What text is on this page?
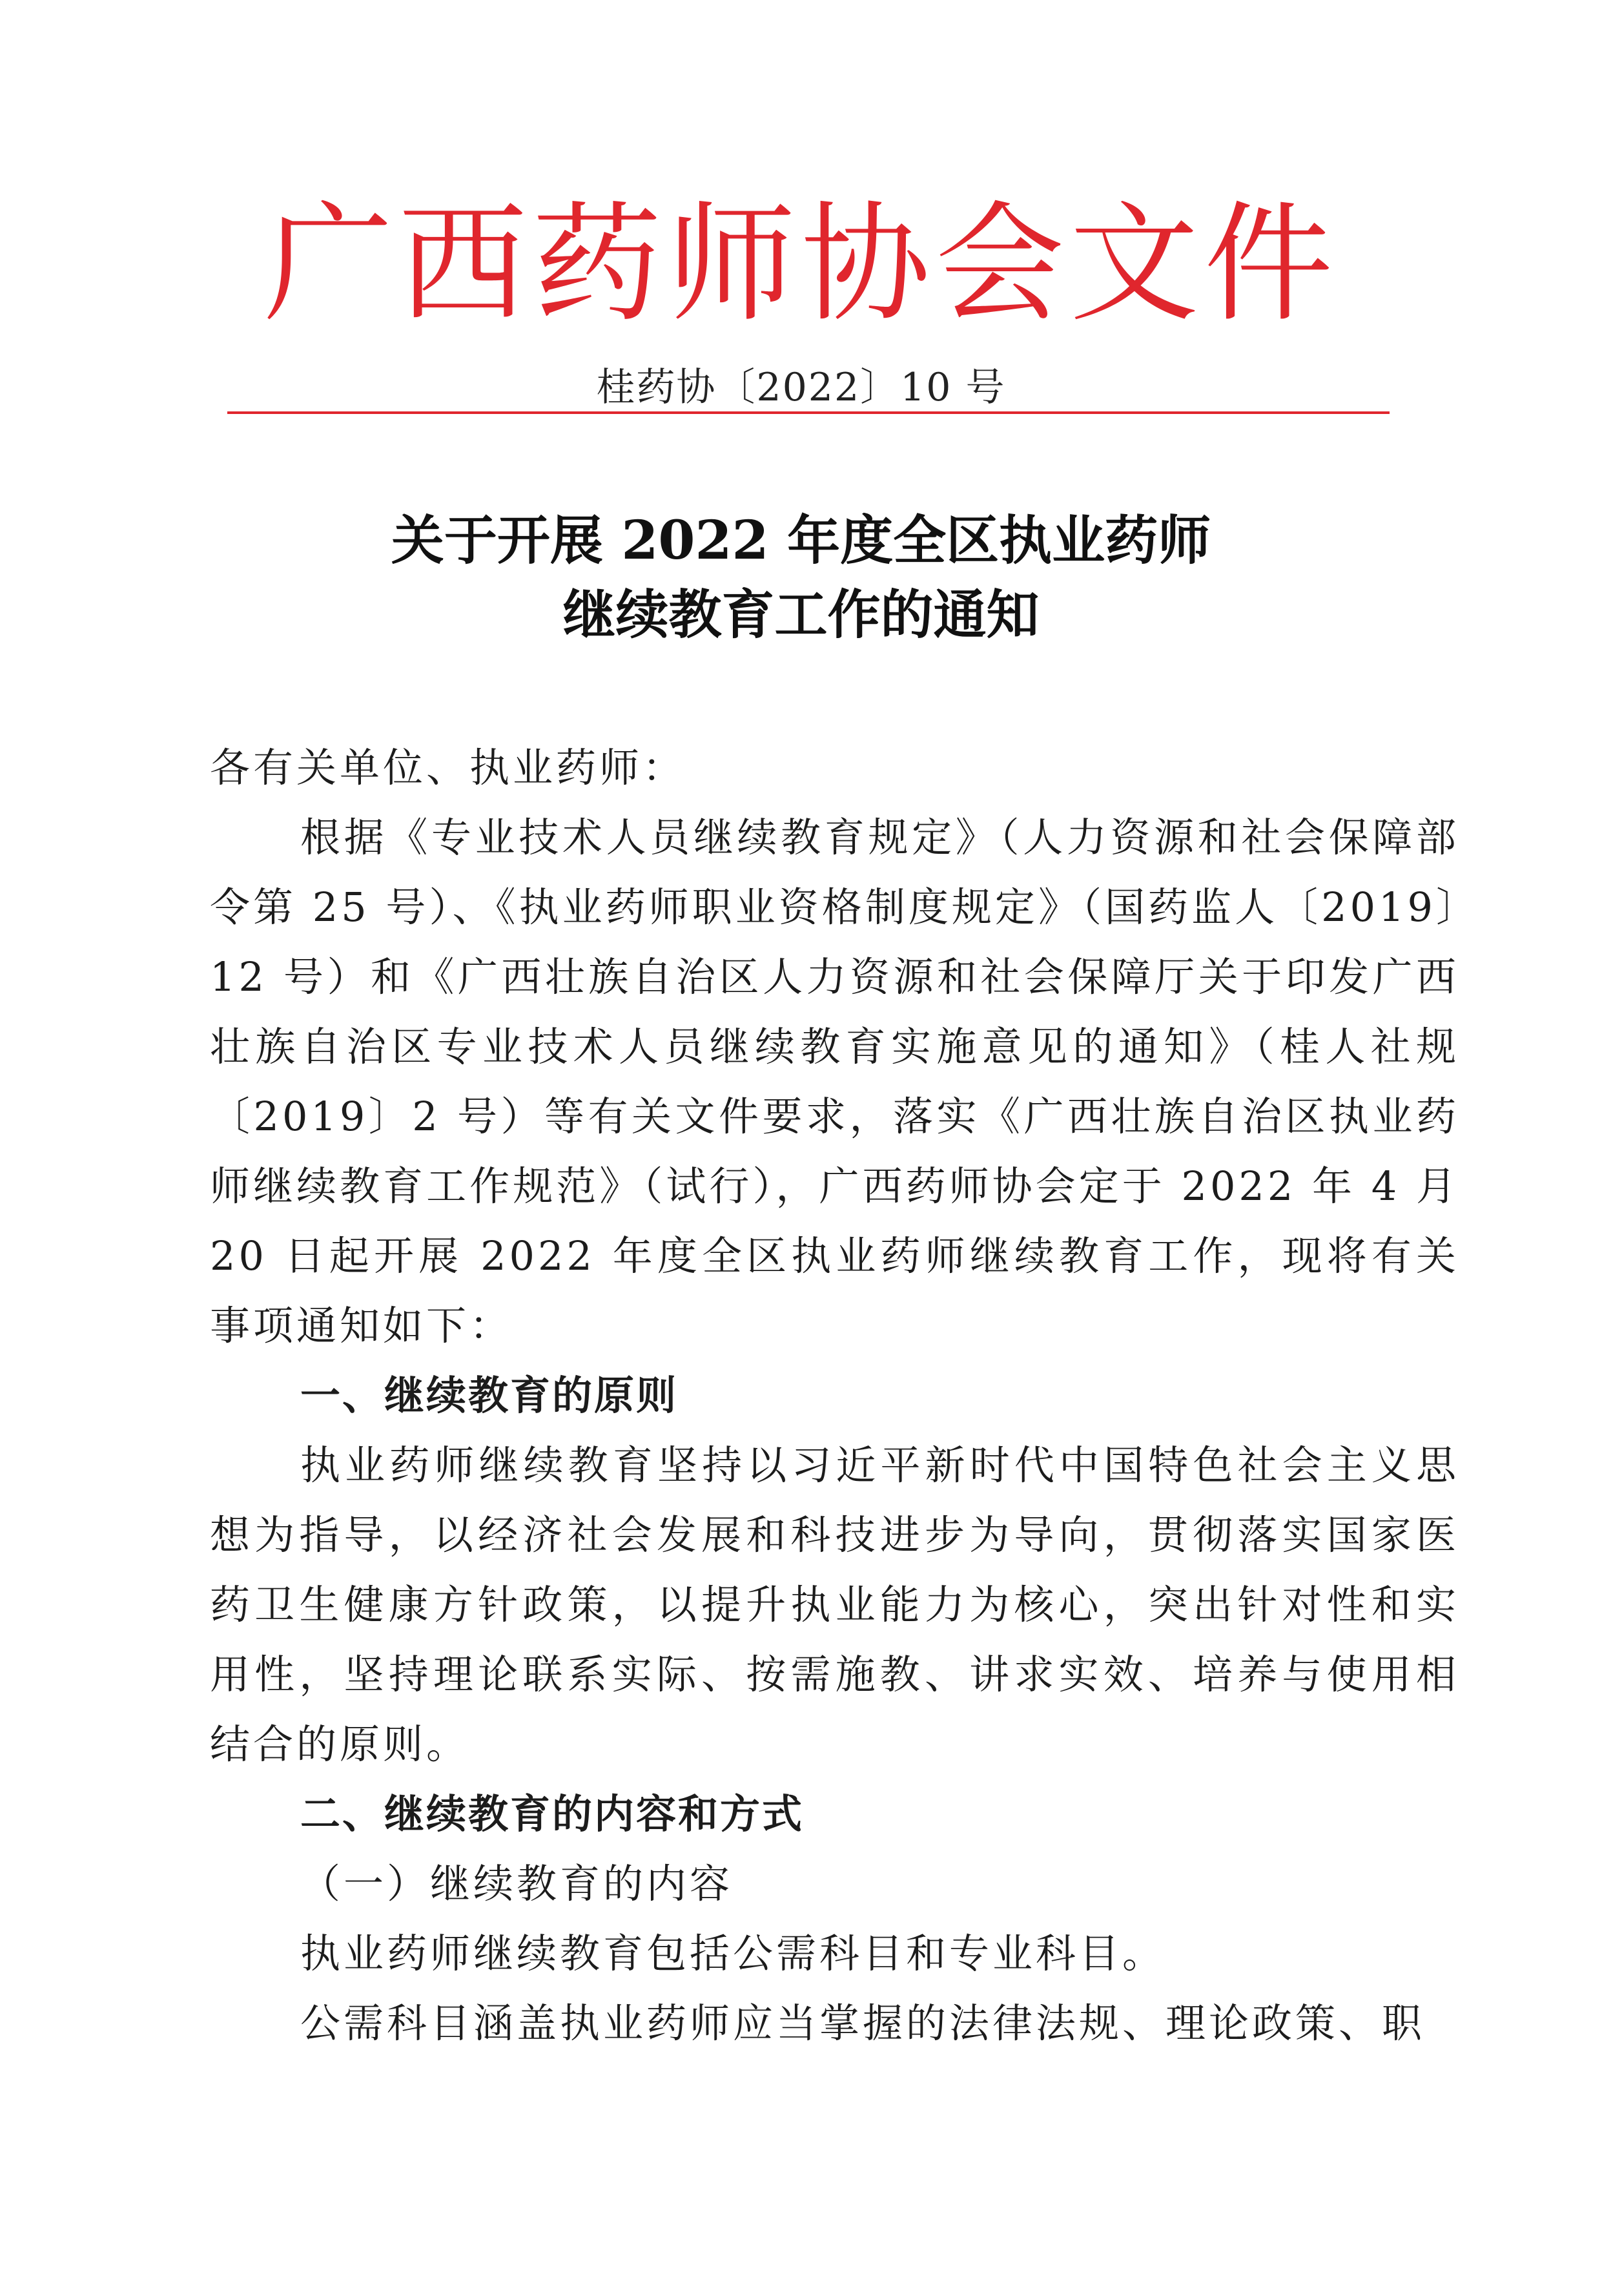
广西药师协会文件
桂药协〔2022〕10 号
关于开展 2022 年度全区执业药师
继续教育工作的通知

各有关单位、执业药师：

根据《专业技术人员继续教育规定》（人力资源和社会保障部令第 25 号）、《执业药师职业资格制度规定》（国药监人〔2019〕12 号）和《广西壮族自治区人力资源和社会保障厅关于印发广西壮族自治区专业技术人员继续教育实施意见的通知》（桂人社规〔2019〕2 号）等有关文件要求，落实《广西壮族自治区执业药师继续教育工作规范》（试行），广西药师协会定于 2022 年 4 月 20 日起开展 2022 年度全区执业药师继续教育工作，现将有关事项通知如下：

一、继续教育的原则

执业药师继续教育坚持以习近平新时代中国特色社会主义思想为指导，以经济社会发展和科技进步为导向，贯彻落实国家医药卫生健康方针政策，以提升执业能力为核心，突出针对性和实用性，坚持理论联系实际、按需施教、讲求实效、培养与使用相结合的原则。

二、继续教育的内容和方式

（一）继续教育的内容

执业药师继续教育包括公需科目和专业科目。

公需科目涵盖执业药师应当掌握的法律法规、理论政策、职
